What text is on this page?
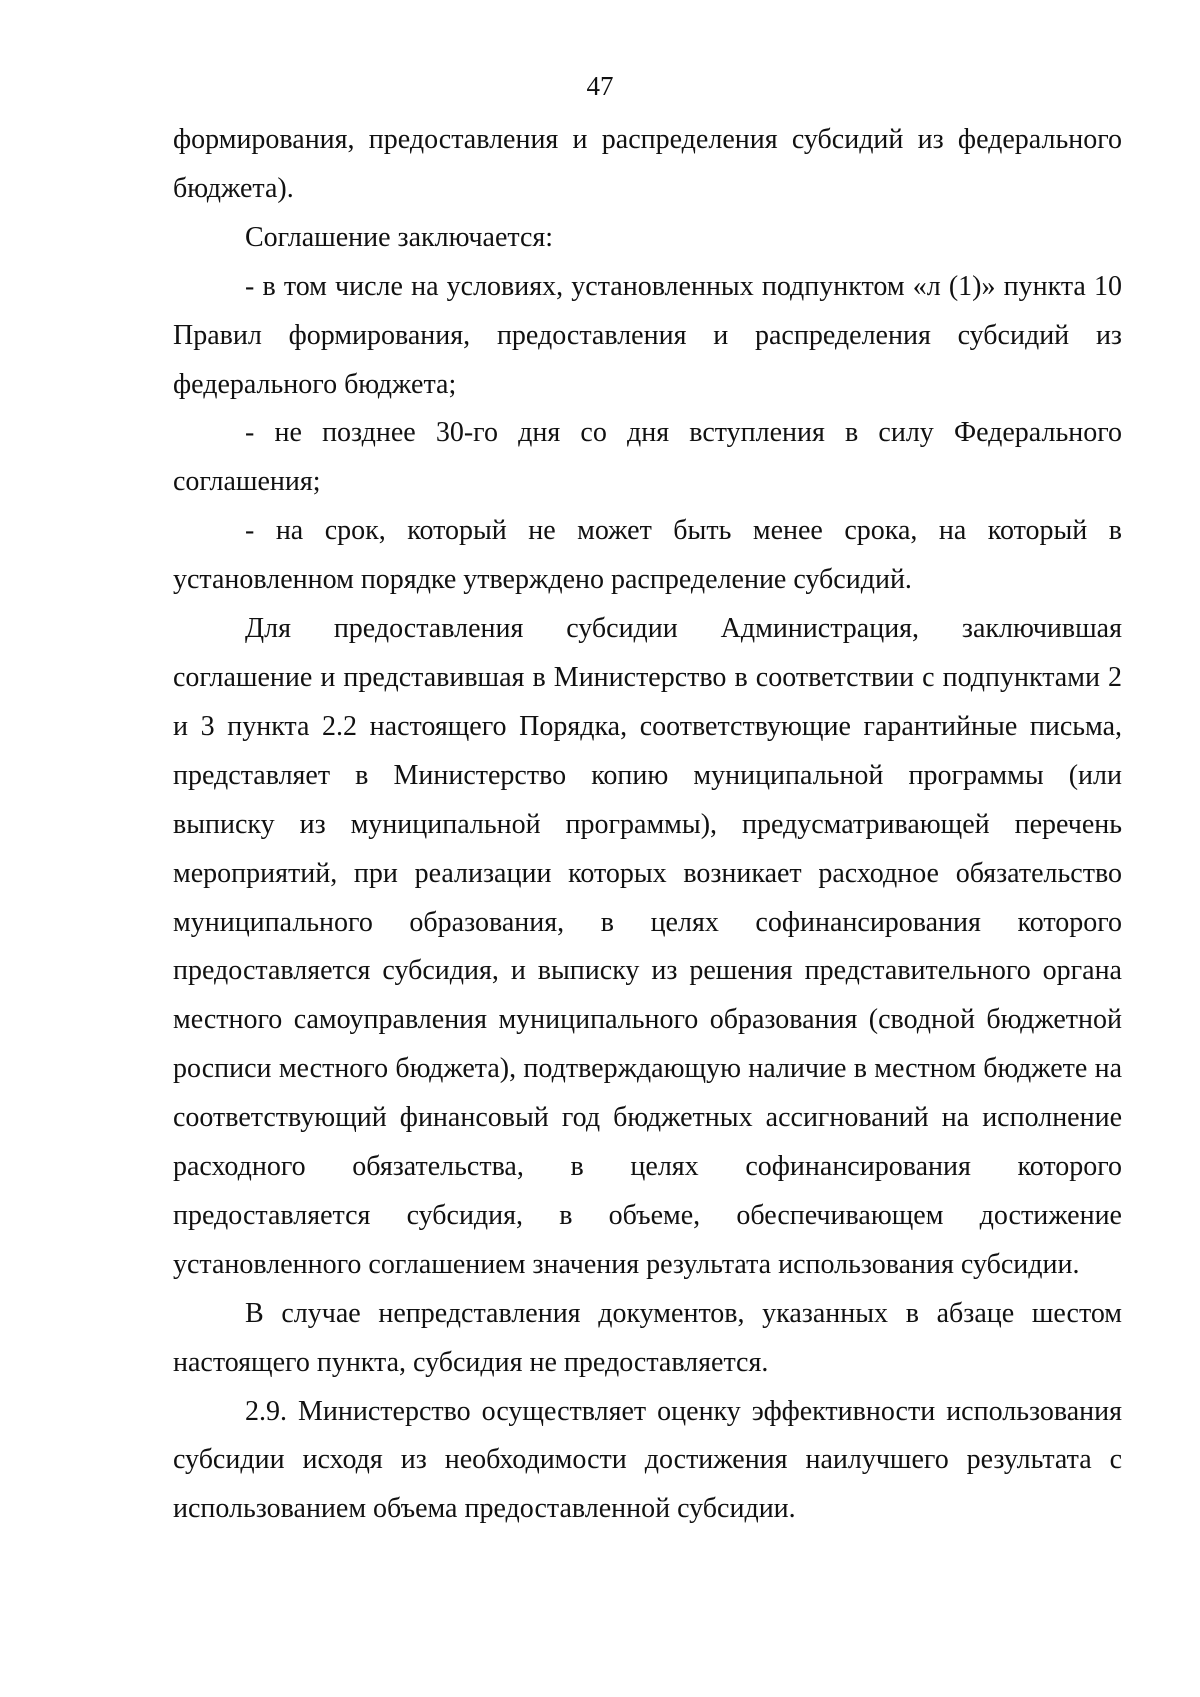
47

формирования, предоставления и распределения субсидий из федерального бюджета).

Соглашение заключается:

- в том числе на условиях, установленных подпунктом «л (1)» пункта 10 Правил формирования, предоставления и распределения субсидий из федерального бюджета;

- не позднее 30-го дня со дня вступления в силу Федерального соглашения;

- на срок, который не может быть менее срока, на который в установленном порядке утверждено распределение субсидий.

Для предоставления субсидии Администрация, заключившая соглашение и представившая в Министерство в соответствии с подпунктами 2 и 3 пункта 2.2 настоящего Порядка, соответствующие гарантийные письма, представляет в Министерство копию муниципальной программы (или выписку из муниципальной программы), предусматривающей перечень мероприятий, при реализации которых возникает расходное обязательство муниципального образования, в целях софинансирования которого предоставляется субсидия, и выписку из решения представительного органа местного самоуправления муниципального образования (сводной бюджетной росписи местного бюджета), подтверждающую наличие в местном бюджете на соответствующий финансовый год бюджетных ассигнований на исполнение расходного обязательства, в целях софинансирования которого предоставляется субсидия, в объеме, обеспечивающем достижение установленного соглашением значения результата использования субсидии.

В случае непредставления документов, указанных в абзаце шестом настоящего пункта, субсидия не предоставляется.

2.9. Министерство осуществляет оценку эффективности использования субсидии исходя из необходимости достижения наилучшего результата с использованием объема предоставленной субсидии.
